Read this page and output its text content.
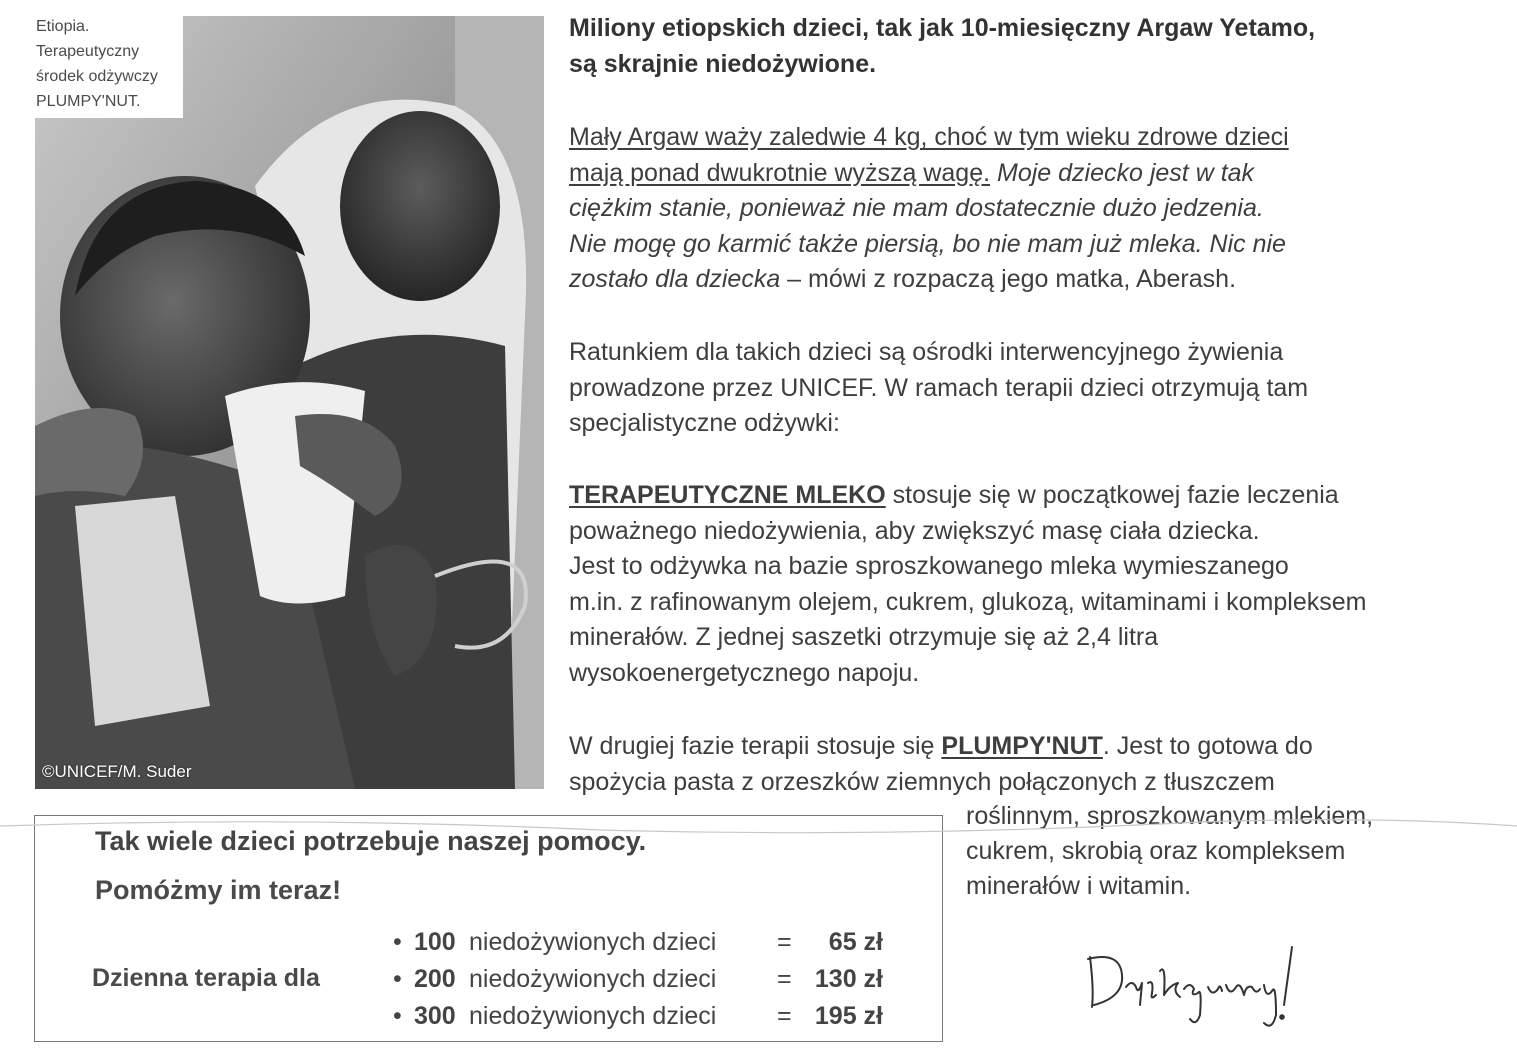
Etiopia.
Terapeutyczny
środek odżywczy
PLUMPY'NUT.
©UNICEF/M. Suder
Miliony etiopskich dzieci, tak jak 10-miesięczny Argaw Yetamo,
są skrajnie niedożywione.
Mały Argaw waży zaledwie 4 kg, choć w tym wieku zdrowe dzieci
mają ponad dwukrotnie wyższą wagę. Moje dziecko jest w tak
ciężkim stanie, ponieważ nie mam dostatecznie dużo jedzenia.
Nie mogę go karmić także piersią, bo nie mam już mleka. Nic nie
zostało dla dziecka – mówi z rozpaczą jego matka, Aberash.
Ratunkiem dla takich dzieci są ośrodki interwencyjnego żywienia
prowadzone przez UNICEF. W ramach terapii dzieci otrzymują tam
specjalistyczne odżywki:
TERAPEUTYCZNE MLEKO stosuje się w początkowej fazie leczenia
poważnego niedożywienia, aby zwiększyć masę ciała dziecka.
Jest to odżywka na bazie sproszkowanego mleka wymieszanego
m.in. z rafinowanym olejem, cukrem, glukozą, witaminami i kompleksem
minerałów. Z jednej saszetki otrzymuje się aż 2,4 litra
wysokoenergetycznego napoju.
W drugiej fazie terapii stosuje się PLUMPY'NUT. Jest to gotowa do
spożycia pasta z orzeszków ziemnych połączonych z tłuszczem
roślinnym, sproszkowanym mlekiem,
cukrem, skrobią oraz kompleksem
minerałów i witamin.
Tak wiele dzieci potrzebuje naszej pomocy.
Pomóżmy im teraz!
Dzienna terapia dla
• 100 niedożywionych dzieci = 65 zł
• 200 niedożywionych dzieci = 130 zł
• 300 niedożywionych dzieci = 195 zł
